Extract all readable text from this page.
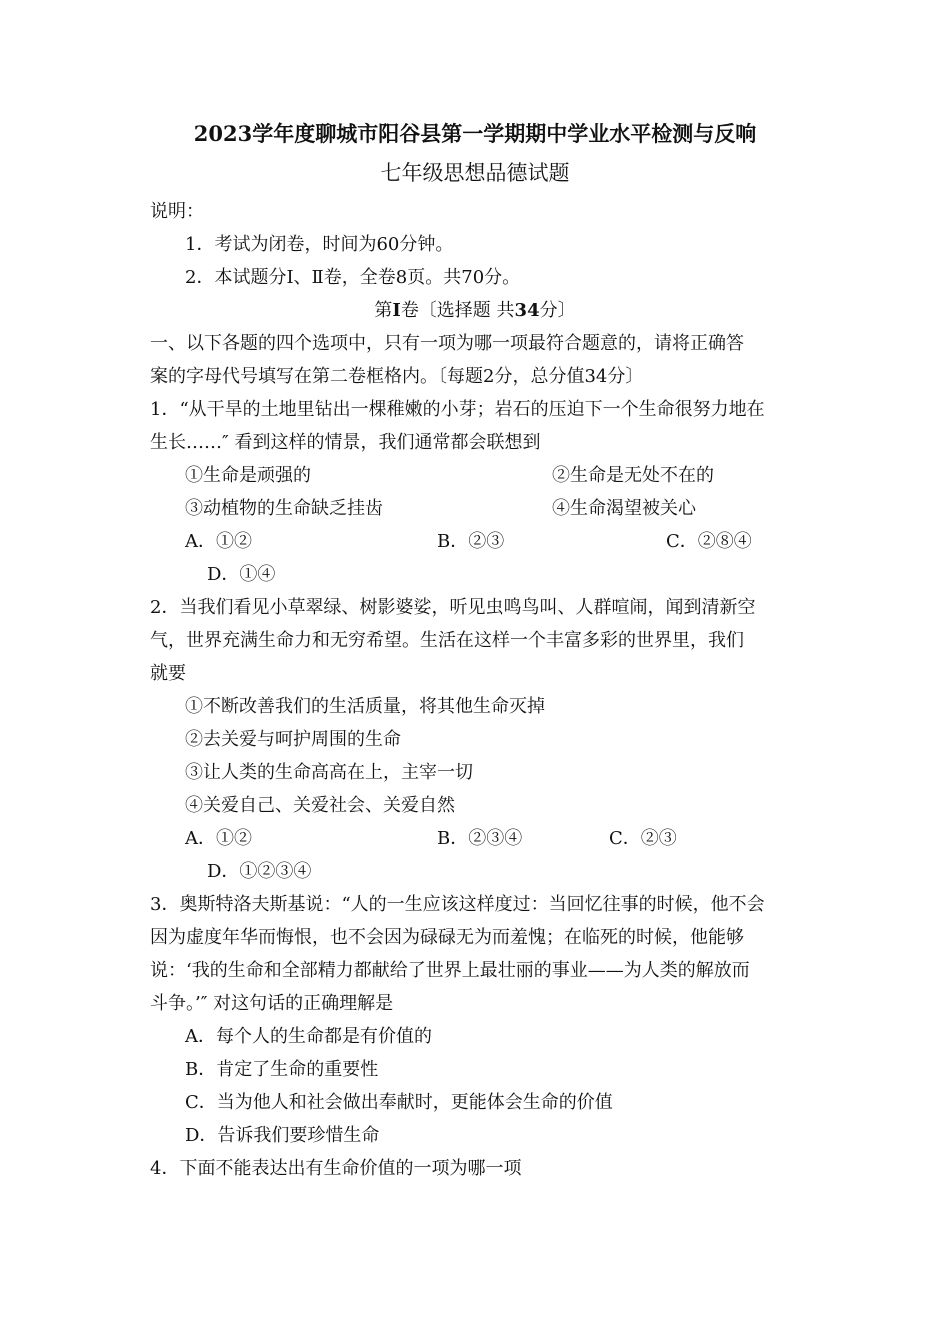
2023学年度聊城市阳谷县第一学期期中学业水平检测与反响
七年级思想品德试题
说明：
1．考试为闭卷，时间为60分钟。
2．本试题分Ⅰ、Ⅱ卷，全卷8页。共70分。
第I卷〔选择题 共34分〕
一、以下各题的四个选项中，只有一项为哪一项最符合题意的，请将正确答
案的字母代号填写在第二卷框格内。〔每题2分，总分值34分〕
1．“从干旱的土地里钻出一棵稚嫩的小芽；岩石的压迫下一个生命很努力地在
生长……″ 看到这样的情景，我们通常都会联想到
①生命是顽强的	②生命是无处不在的
③动植物的生命缺乏挂齿	④生命渴望被关心
A．①②	B．②③	C．②⑧④
D．①④
2．当我们看见小草翠绿、树影婆娑，听见虫鸣鸟叫、人群喧闹，闻到清新空
气，世界充满生命力和无穷希望。生活在这样一个丰富多彩的世界里，我们
就要
①不断改善我们的生活质量，将其他生命灭掉
②去关爱与呵护周围的生命
③让人类的生命高高在上，主宰一切
④关爱自己、关爱社会、关爱自然
A．①②	B．②③④	C．②③
D．①②③④
3．奥斯特洛夫斯基说：“人的一生应该这样度过：当回忆往事的时候，他不会
因为虚度年华而悔恨，也不会因为碌碌无为而羞愧；在临死的时候，他能够
说：‘我的生命和全部精力都献给了世界上最壮丽的事业——为人类的解放而
斗争。’″ 对这句话的正确理解是
A．每个人的生命都是有价值的
B．肯定了生命的重要性
C．当为他人和社会做出奉献时，更能体会生命的价值
D．告诉我们要珍惜生命
4．下面不能表达出有生命价值的一项为哪一项
